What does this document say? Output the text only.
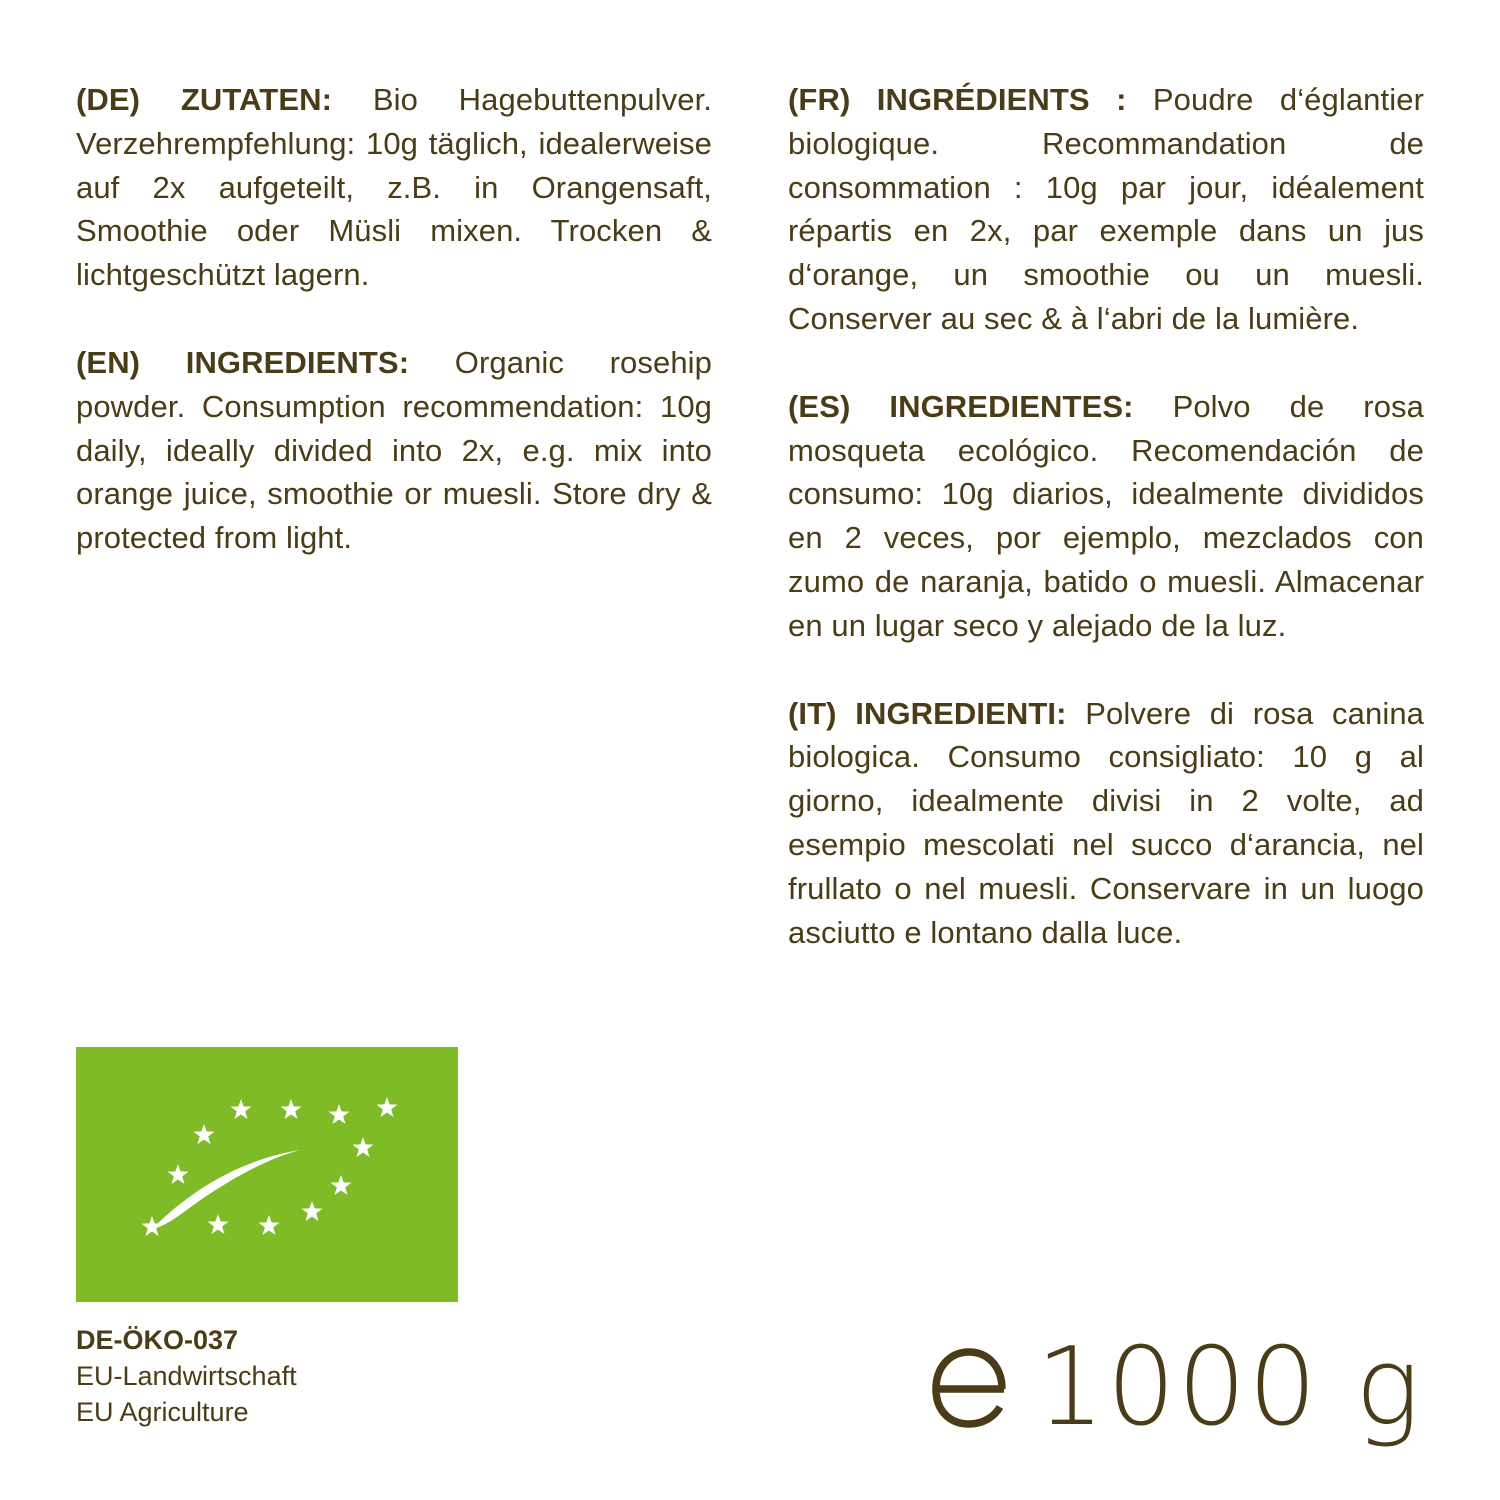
(DE) ZUTATEN: Bio Hagebuttenpulver. Verzehrempfehlung: 10g täglich, idealerweise auf 2x aufgeteilt, z.B. in Orangensaft, Smoothie oder Müsli mixen. Trocken & lichtgeschützt lagern.

(EN) INGREDIENTS: Organic rosehip powder. Consumption recommendation: 10g daily, ideally divided into 2x, e.g. mix into orange juice, smoothie or muesli. Store dry & protected from light.

(FR) INGRÉDIENTS : Poudre d‘églantier biologique. Recommandation de consommation : 10g par jour, idéalement répartis en 2x, par exemple dans un jus d‘orange, un smoothie ou un muesli. Conserver au sec & à l‘abri de la lumière.

(ES) INGREDIENTES: Polvo de rosa mosqueta ecológico. Recomendación de consumo: 10g diarios, idealmente divididos en 2 veces, por ejemplo, mezclados con zumo de naranja, batido o muesli. Almacenar en un lugar seco y alejado de la luz.

(IT) INGREDIENTI: Polvere di rosa canina biologica. Consumo consigliato: 10 g al giorno, idealmente divisi in 2 volte, ad esempio mescolati nel succo d‘arancia, nel frullato o nel muesli. Conservare in un luogo asciutto e lontano dalla luce.

DE-ÖKO-037
EU-Landwirtschaft
EU Agriculture	1000 g
